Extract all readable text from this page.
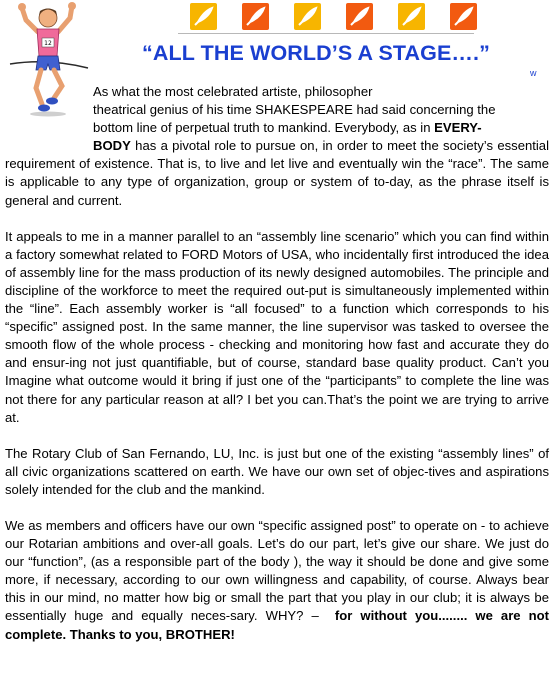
12	“ALL THE WORLD’S A STAGE….”
w

As what the most celebrated artiste, philosopher
theatrical genius of his time SHAKESPEARE had said concerning the
bottom line of perpetual truth to mankind. Everybody, as in EVERY-
BODY has a pivotal role to pursue on, in order to meet the society’s essential requirement of existence. That is, to live and let live and eventually win the “race”. The same is applicable to any type of organization, group or system of to-day, as the phrase itself is general and current.

It appeals to me in a manner parallel to an “assembly line scenario” which you can find within a factory somewhat related to FORD Motors of USA, who incidentally first introduced the idea of assembly line for the mass production of its newly designed automobiles. The principle and discipline of the workforce to meet the required out-put is simultaneously implemented within the “line”. Each assembly worker is “all focused” to a function which corresponds to his “specific” assigned post. In the same manner, the line supervisor was tasked to oversee the smooth flow of the whole process - checking and monitoring how fast and accurate they do and ensur-ing not just quantifiable, but of course, standard base quality product. Can’t you Imagine what outcome would it bring if just one of the “participants” to complete the line was not there for any particular reason at all? I bet you can.That’s the point we are trying to arrive at.

The Rotary Club of San Fernando, LU, Inc. is just but one of the existing “assembly lines” of all civic organizations scattered on earth. We have our own set of objec-tives and aspirations solely intended for the club and the mankind.

We as members and officers have our own “specific assigned post” to operate on - to achieve our Rotarian ambitions and over-all goals. Let’s do our part, let’s give our share. We just do our “function”, (as a responsible part of the body ), the way it should be done and give some more, if necessary, according to our own willingness and capability, of course. Always bear this in our mind, no matter how big or small the part that you play in our club; it is always be essentially huge and equally neces-sary. WHY? – for without you........ we are not complete. Thanks to you, BROTHER!
